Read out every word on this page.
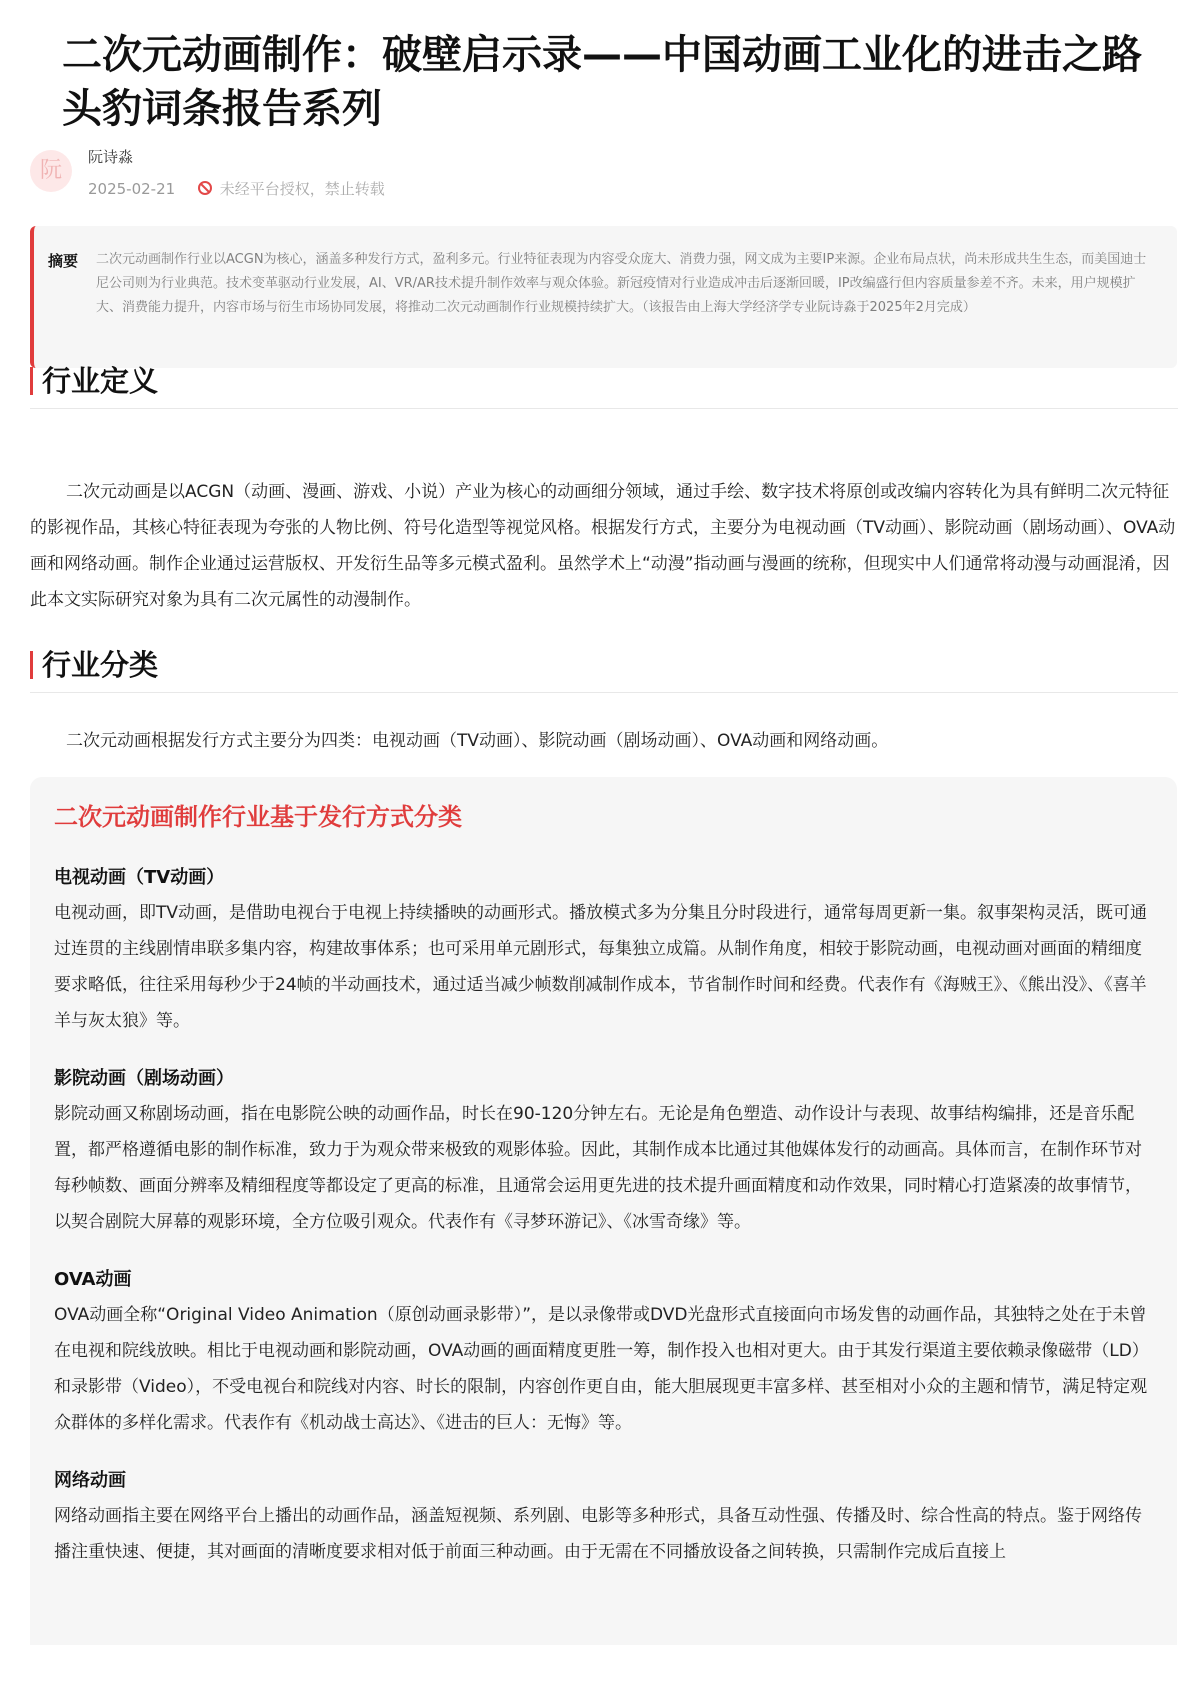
二次元动画制作：破壁启示录——中国动画工业化的进击之路 头豹词条报告系列
阮
阮诗淼
2025-02-21	未经平台授权，禁止转载
摘要 二次元动画制作行业以ACGN为核心，涵盖多种发行方式，盈利多元。行业特征表现为内容受众庞大、消费力强，网文成为主要IP来源。企业布局点状，尚未形成共生生态，而美国迪士尼公司则为行业典范。技术变革驱动行业发展，AI、VR/AR技术提升制作效率与观众体验。新冠疫情对行业造成冲击后逐渐回暖，IP改编盛行但内容质量参差不齐。未来，用户规模扩大、消费能力提升，内容市场与衍生市场协同发展，将推动二次元动画制作行业规模持续扩大。（该报告由上海大学经济学专业阮诗淼于2025年2月完成）

行业定义

二次元动画是以ACGN（动画、漫画、游戏、小说）产业为核心的动画细分领域，通过手绘、数字技术将原创或改编内容转化为具有鲜明二次元特征的影视作品，其核心特征表现为夸张的人物比例、符号化造型等视觉风格。根据发行方式，主要分为电视动画（TV动画）、影院动画（剧场动画）、OVA动画和网络动画。制作企业通过运营版权、开发衍生品等多元模式盈利。虽然学术上“动漫”指动画与漫画的统称，但现实中人们通常将动漫与动画混淆，因此本文实际研究对象为具有二次元属性的动漫制作。

行业分类

二次元动画根据发行方式主要分为四类：电视动画（TV动画）、影院动画（剧场动画）、OVA动画和网络动画。

二次元动画制作行业基于发行方式分类
电视动画（TV动画）

电视动画，即TV动画，是借助电视台于电视上持续播映的动画形式。播放模式多为分集且分时段进行，通常每周更新一集。叙事架构灵活，既可通过连贯的主线剧情串联多集内容，构建故事体系；也可采用单元剧形式，每集独立成篇。从制作角度，相较于影院动画，电视动画对画面的精细度要求略低，往往采用每秒少于24帧的半动画技术，通过适当减少帧数削减制作成本，节省制作时间和经费。代表作有《海贼王》、《熊出没》、《喜羊羊与灰太狼》等。

影院动画（剧场动画）

影院动画又称剧场动画，指在电影院公映的动画作品，时长在90-120分钟左右。无论是角色塑造、动作设计与表现、故事结构编排，还是音乐配置，都严格遵循电影的制作标准，致力于为观众带来极致的观影体验。因此，其制作成本比通过其他媒体发行的动画高。具体而言，在制作环节对每秒帧数、画面分辨率及精细程度等都设定了更高的标准，且通常会运用更先进的技术提升画面精度和动作效果，同时精心打造紧凑的故事情节，以契合剧院大屏幕的观影环境，全方位吸引观众。代表作有《寻梦环游记》、《冰雪奇缘》等。

OVA动画

OVA动画全称“Original Video Animation（原创动画录影带）”，是以录像带或DVD光盘形式直接面向市场发售的动画作品，其独特之处在于未曾在电视和院线放映。相比于电视动画和影院动画，OVA动画的画面精度更胜一筹，制作投入也相对更大。由于其发行渠道主要依赖录像磁带（LD）和录影带（Video），不受电视台和院线对内容、时长的限制，内容创作更自由，能大胆展现更丰富多样、甚至相对小众的主题和情节，满足特定观众群体的多样化需求。代表作有《机动战士高达》、《进击的巨人：无悔》等。

网络动画

网络动画指主要在网络平台上播出的动画作品，涵盖短视频、系列剧、电影等多种形式，具备互动性强、传播及时、综合性高的特点。鉴于网络传播注重快速、便捷，其对画面的清晰度要求相对低于前面三种动画。由于无需在不同播放设备之间转换，只需制作完成后直接上
